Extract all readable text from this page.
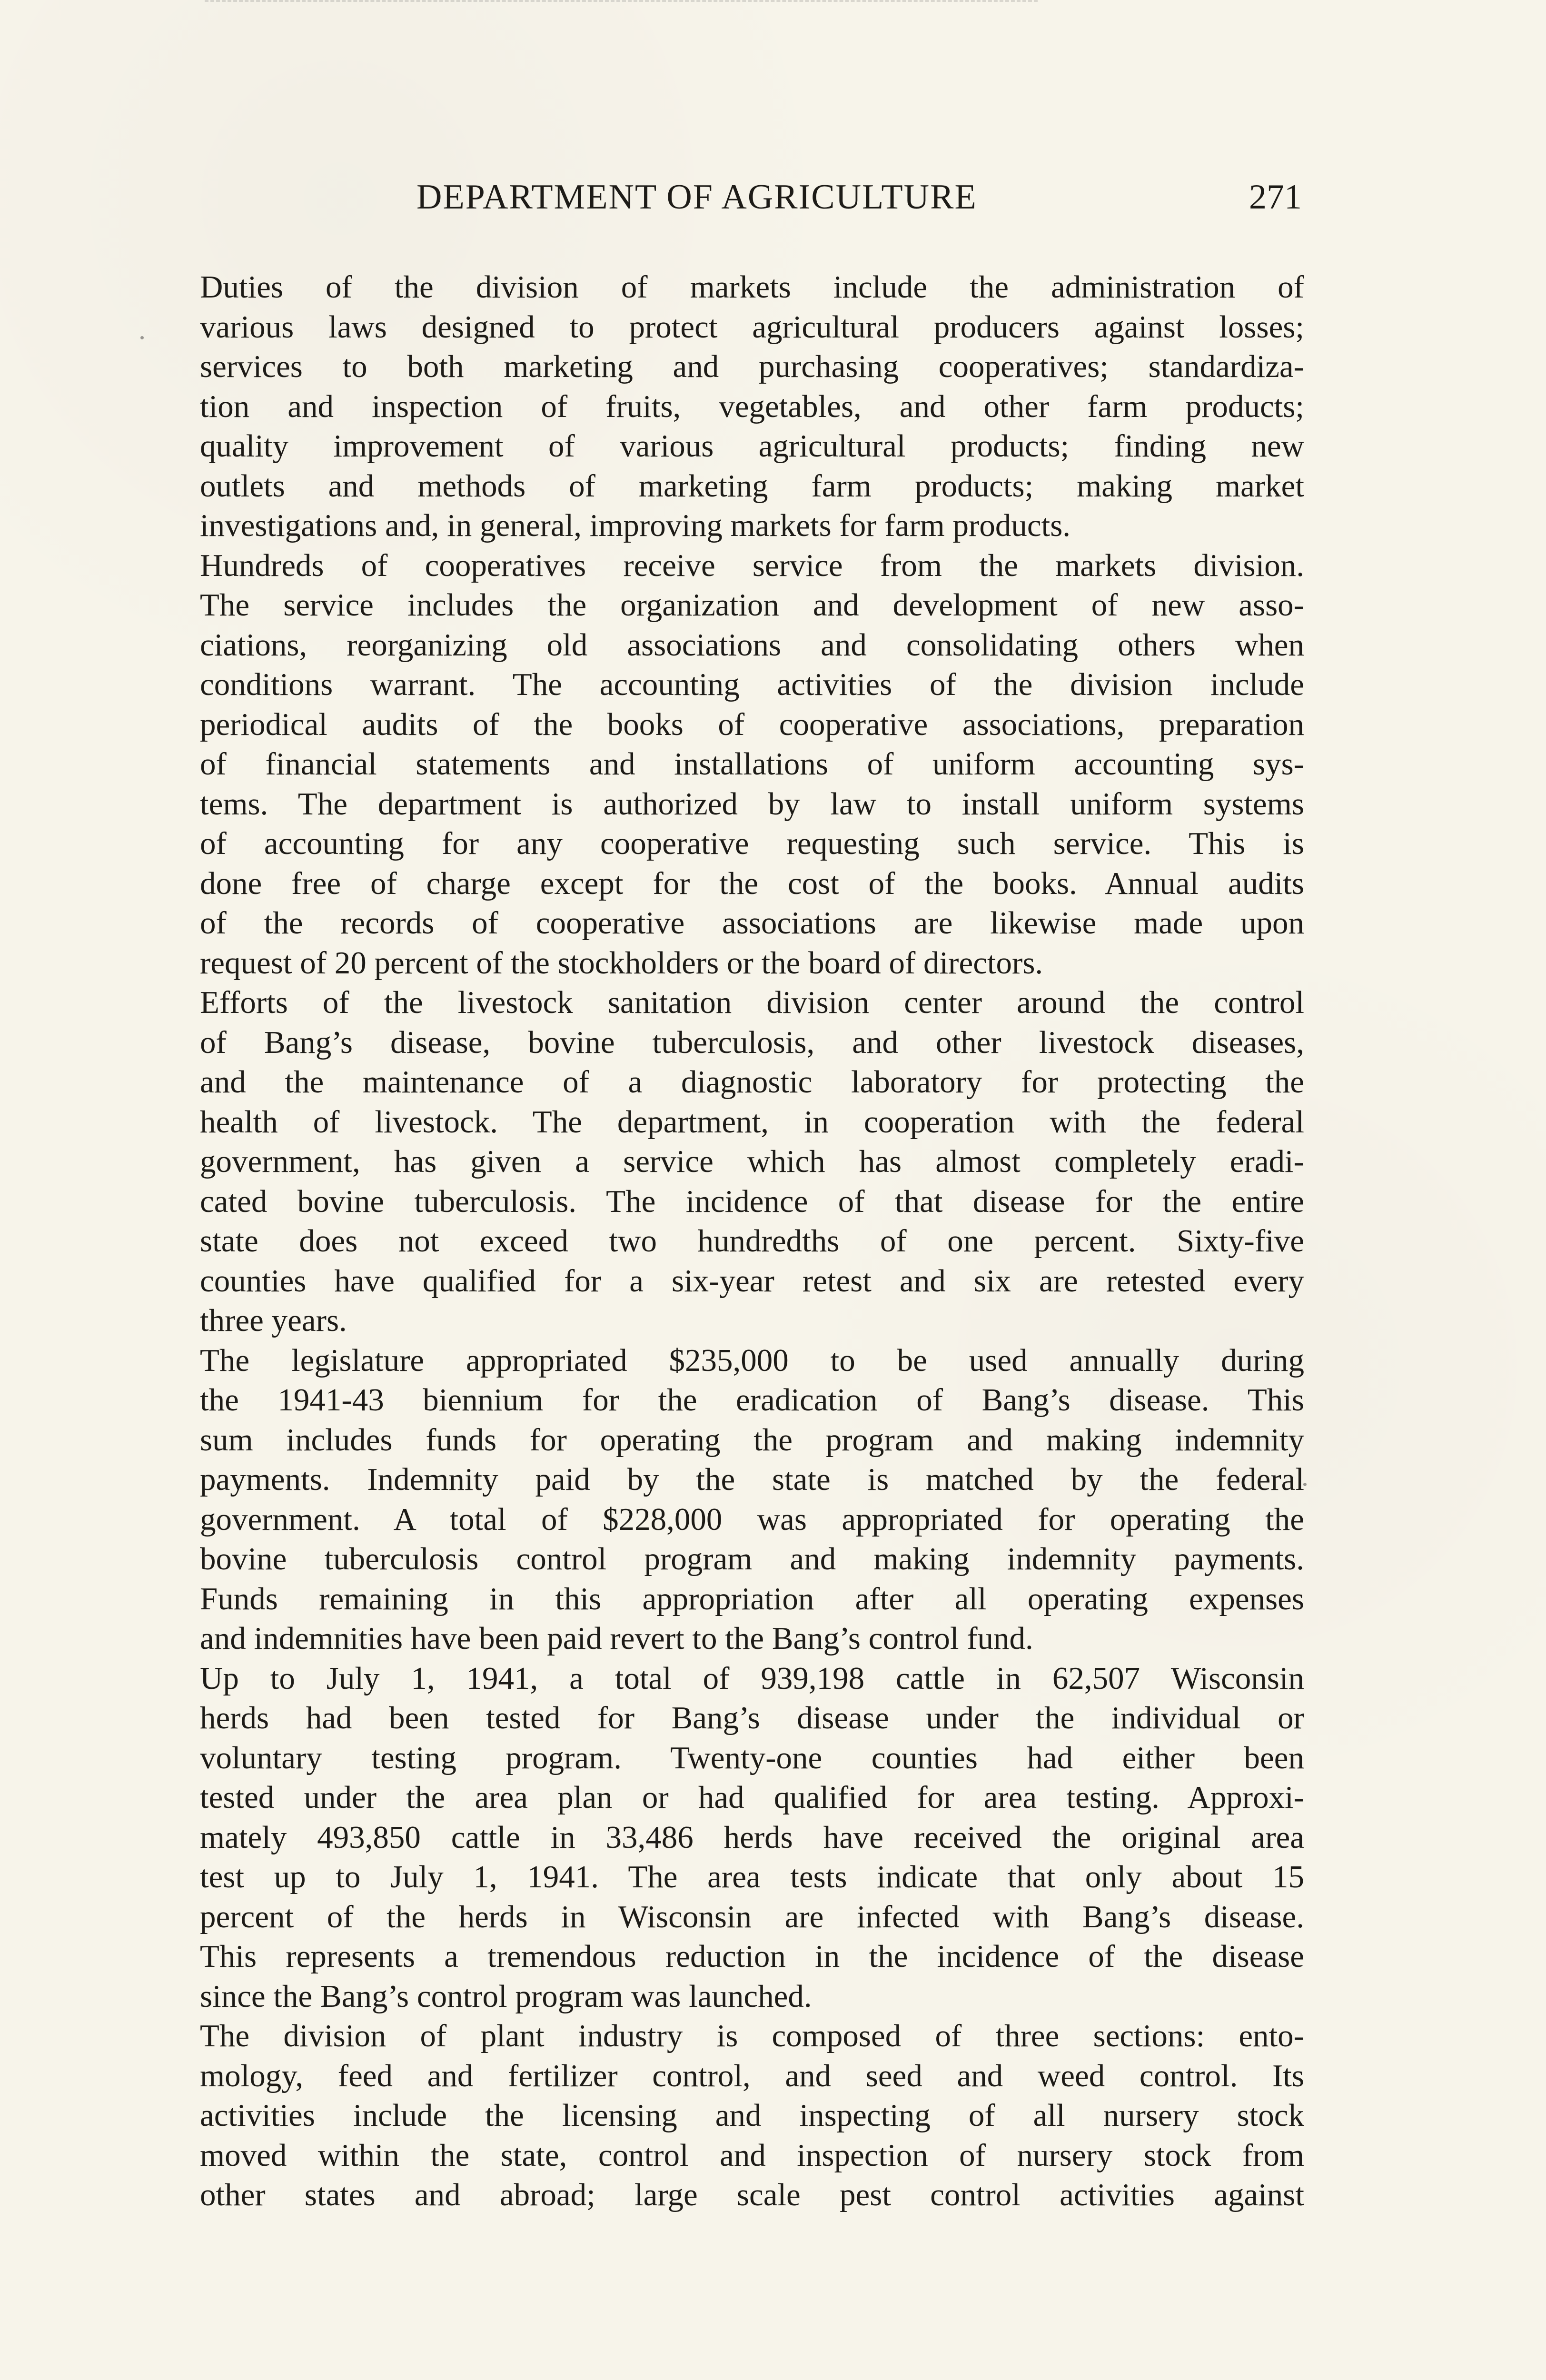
DEPARTMENT OF AGRICULTURE	271

Duties of the division of markets include the administration of
various laws designed to protect agricultural producers against losses;
services to both marketing and purchasing cooperatives; standardiza-
tion and inspection of fruits, vegetables, and other farm products;
quality improvement of various agricultural products; finding new
outlets and methods of marketing farm products; making market
investigations and, in general, improving markets for farm products.

Hundreds of cooperatives receive service from the markets division.
The service includes the organization and development of new asso-
ciations, reorganizing old associations and consolidating others when
conditions warrant. The accounting activities of the division include
periodical audits of the books of cooperative associations, preparation
of financial statements and installations of uniform accounting sys-
tems. The department is authorized by law to install uniform systems
of accounting for any cooperative requesting such service. This is
done free of charge except for the cost of the books. Annual audits
of the records of cooperative associations are likewise made upon
request of 20 percent of the stockholders or the board of directors.

Efforts of the livestock sanitation division center around the control
of Bang’s disease, bovine tuberculosis, and other livestock diseases,
and the maintenance of a diagnostic laboratory for protecting the
health of livestock. The department, in cooperation with the federal
government, has given a service which has almost completely eradi-
cated bovine tuberculosis. The incidence of that disease for the entire
state does not exceed two hundredths of one percent. Sixty-five
counties have qualified for a six-year retest and six are retested every
three years.

The legislature appropriated $235,000 to be used annually during
the 1941-43 biennium for the eradication of Bang’s disease. This
sum includes funds for operating the program and making indemnity
payments. Indemnity paid by the state is matched by the federal
government. A total of $228,000 was appropriated for operating the
bovine tuberculosis control program and making indemnity payments.
Funds remaining in this appropriation after all operating expenses
and indemnities have been paid revert to the Bang’s control fund.

Up to July 1, 1941, a total of 939,198 cattle in 62,507 Wisconsin
herds had been tested for Bang’s disease under the individual or
voluntary testing program. Twenty-one counties had either been
tested under the area plan or had qualified for area testing. Approxi-
mately 493,850 cattle in 33,486 herds have received the original area
test up to July 1, 1941. The area tests indicate that only about 15
percent of the herds in Wisconsin are infected with Bang’s disease.
This represents a tremendous reduction in the incidence of the disease
since the Bang’s control program was launched.

The division of plant industry is composed of three sections: ento-
mology, feed and fertilizer control, and seed and weed control. Its
activities include the licensing and inspecting of all nursery stock
moved within the state, control and inspection of nursery stock from
other states and abroad; large scale pest control activities against
